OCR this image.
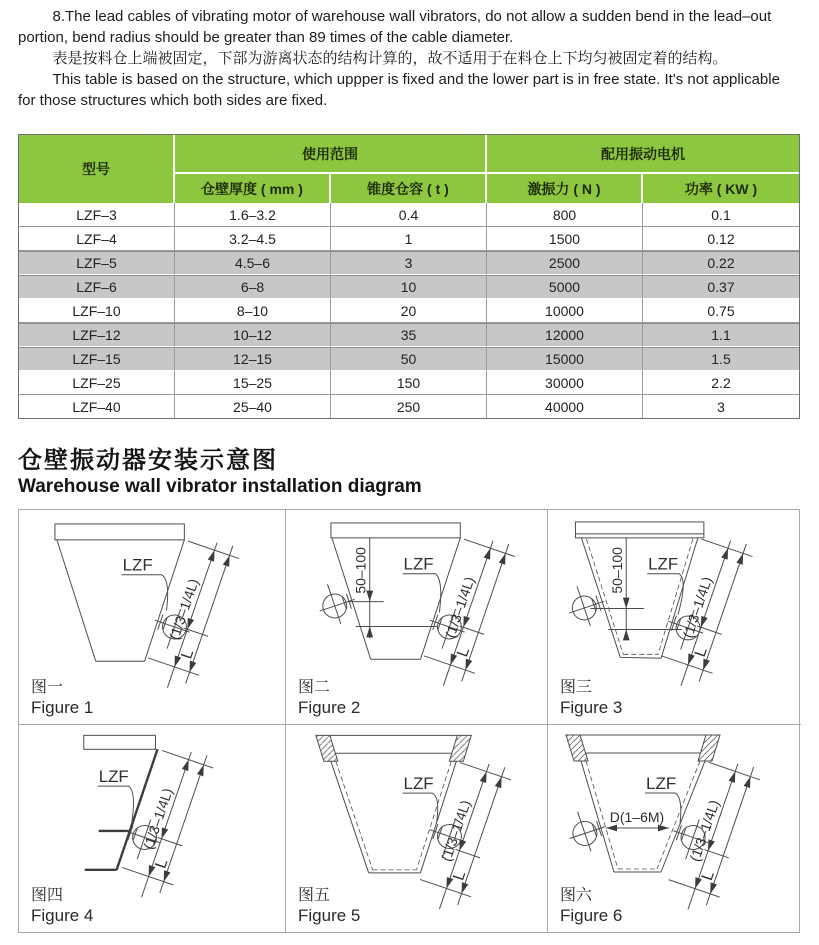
8.The lead cables of vibrating motor of warehouse wall vibrators, do not allow a sudden bend in the lead–out portion, bend radius should be greater than 89 times of the cable diameter.

表是按料仓上端被固定，下部为游离状态的结构计算的，故不适用于在料仓上下均匀被固定着的结构。

This table is based on the structure, which uppper is fixed and the lower part is in free state. It's not applicable for those structures which both sides are fixed.

型号	使用范围		配用振动电机	
	仓壁厚度 ( mm )	锥度仓容 ( t )	激振力 ( N )	功率 ( KW )
LZF–3	1.6–3.2	0.4	800	0.1
LZF–4	3.2–4.5	1	1500	0.12
LZF–5	4.5–6	3	2500	0.22
LZF–6	6–8	10	5000	0.37
LZF–10	8–10	20	10000	0.75
LZF–12	10–12	35	12000	1.1
LZF–15	12–15	50	15000	1.5
LZF–25	15–25	150	30000	2.2
LZF–40	25–40	250	40000	3
仓壁振动器安装示意图
Warehouse wall vibrator installation diagram
LZF
图一
Figure 1
50–100 LZF
图二
Figure 2
50–100 LZF
图三
Figure 3
LZF
图四
Figure 4
LZF
图五
Figure 5
D(1–6M)
LZF
图六
Figure 6
